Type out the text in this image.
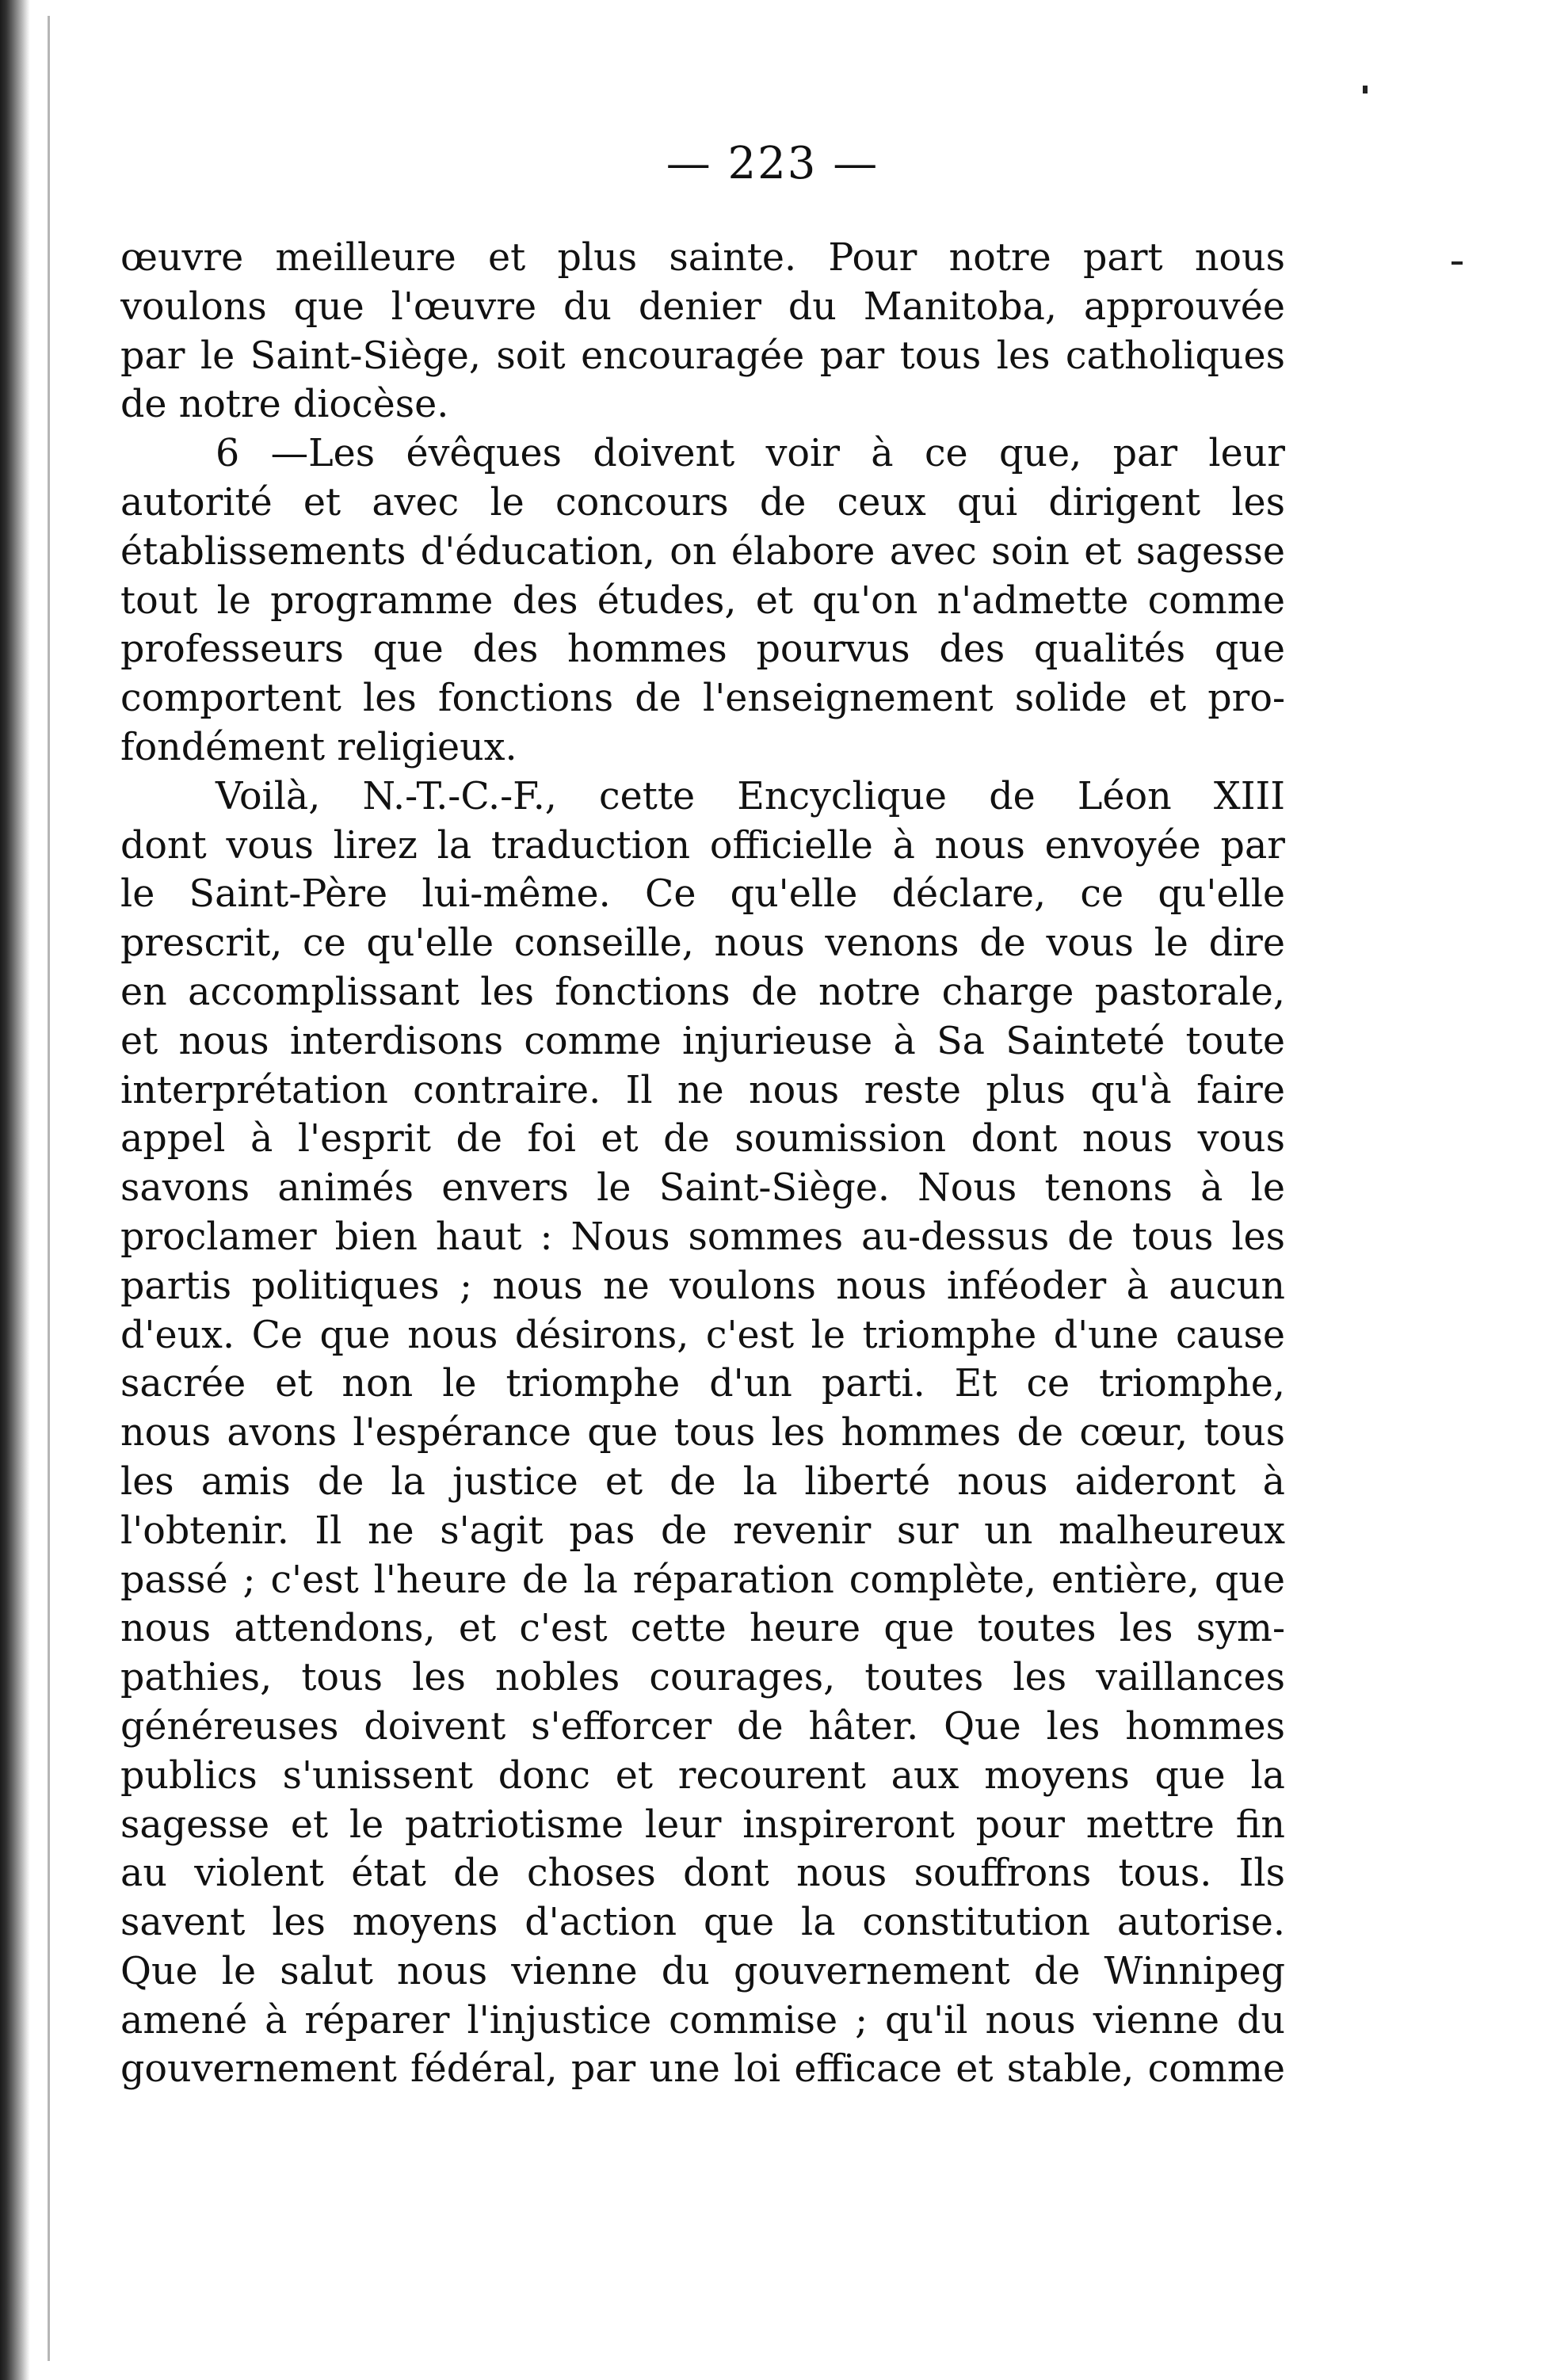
— 223 —
œuvre meilleure et plus sainte. Pour notre part nous
voulons que l'œuvre du denier du Manitoba, approuvée
par le Saint-Siège, soit encouragée par tous les catholiques
de notre diocèse.
6 —Les évêques doivent voir à ce que, par leur
autorité et avec le concours de ceux qui dirigent les
établissements d'éducation, on élabore avec soin et sagesse
tout le programme des études, et qu'on n'admette comme
professeurs que des hommes pourvus des qualités que
comportent les fonctions de l'enseignement solide et pro-
fondément religieux.
Voilà, N.-T.-C.-F., cette Encyclique de Léon XIII
dont vous lirez la traduction officielle à nous envoyée par
le Saint-Père lui-même. Ce qu'elle déclare, ce qu'elle
prescrit, ce qu'elle conseille, nous venons de vous le dire
en accomplissant les fonctions de notre charge pastorale,
et nous interdisons comme injurieuse à Sa Sainteté toute
interprétation contraire. Il ne nous reste plus qu'à faire
appel à l'esprit de foi et de soumission dont nous vous
savons animés envers le Saint-Siège. Nous tenons à le
proclamer bien haut : Nous sommes au-dessus de tous les
partis politiques ; nous ne voulons nous inféoder à aucun
d'eux. Ce que nous désirons, c'est le triomphe d'une cause
sacrée et non le triomphe d'un parti. Et ce triomphe,
nous avons l'espérance que tous les hommes de cœur, tous
les amis de la justice et de la liberté nous aideront à
l'obtenir. Il ne s'agit pas de revenir sur un malheureux
passé ; c'est l'heure de la réparation complète, entière, que
nous attendons, et c'est cette heure que toutes les sym-
pathies, tous les nobles courages, toutes les vaillances
généreuses doivent s'efforcer de hâter. Que les hommes
publics s'unissent donc et recourent aux moyens que la
sagesse et le patriotisme leur inspireront pour mettre fin
au violent état de choses dont nous souffrons tous. Ils
savent les moyens d'action que la constitution autorise.
Que le salut nous vienne du gouvernement de Winnipeg
amené à réparer l'injustice commise ; qu'il nous vienne du
gouvernement fédéral, par une loi efficace et stable, comme
